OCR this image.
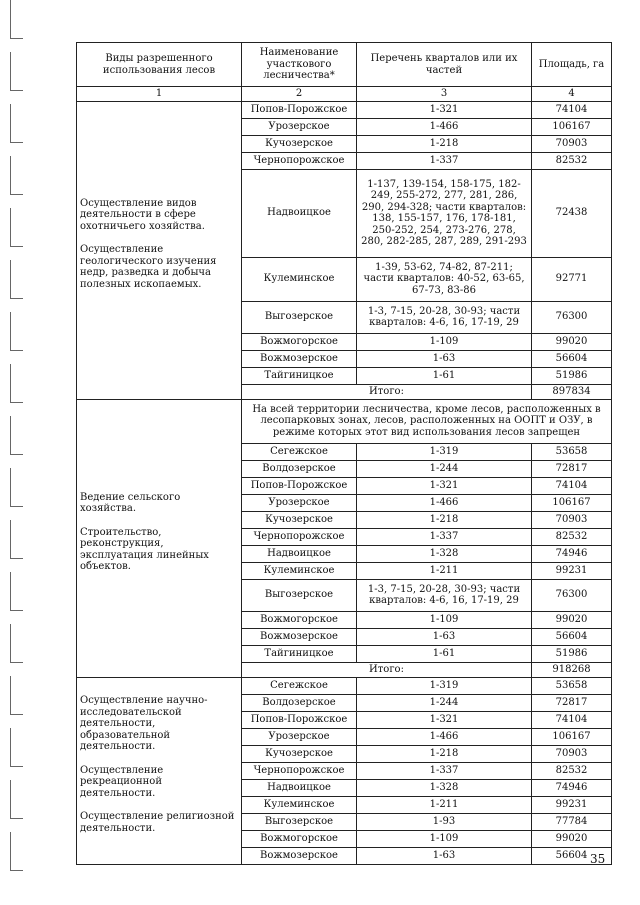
Виды разрешенного использования лесов	Наименование участкового лесничества*	Перечень кварталов или их частей	Площадь, га
1	2	3	4

Осуществление видов деятельности в сфере охотничьего хозяйства.
Осуществление геологического изучения недр, разведка и добыча полезных ископаемых.	Попов-Порожское	1-321	74104
	Урозерское	1-466	106167
	Кучозерское	1-218	70903
	Чернопорожское	1-337	82532
	Надвоицкое	1-137, 139-154, 158-175, 182-249, 255-272, 277, 281, 286, 290, 294-328; части кварталов: 138, 155-157, 176, 178-181, 250-252, 254, 273-276, 278, 280, 282-285, 287, 289, 291-293	72438
	Кулеминское	1-39, 53-62, 74-82, 87-211; части кварталов: 40-52, 63-65, 67-73, 83-86	92771
	Выгозерское	1-3, 7-15, 20-28, 30-93; части кварталов: 4-6, 16, 17-19, 29	76300
	Вожмогорское	1-109	99020
	Вожмозерское	1-63	56604
	Тайгиницкое	1-61	51986
	Итого:		897834

Ведение сельского хозяйства.
Строительство, реконструкция, эксплуатация линейных объектов.	На всей территории лесничества, кроме лесов, расположенных в лесопарковых зонах, лесов, расположенных на ООПТ и ОЗУ, в режиме которых этот вид использования лесов запрещен		
	Сегежское	1-319	53658
	Волдозерское	1-244	72817
	Попов-Порожское	1-321	74104
	Урозерское	1-466	106167
	Кучозерское	1-218	70903
	Чернопорожское	1-337	82532
	Надвоицкое	1-328	74946
	Кулеминское	1-211	99231
	Выгозерское	1-3, 7-15, 20-28, 30-93; части кварталов: 4-6, 16, 17-19, 29	76300
	Вожмогорское	1-109	99020
	Вожмозерское	1-63	56604
	Тайгиницкое	1-61	51986
	Итого:		918268

Осуществление научно-исследовательской деятельности, образовательной деятельности.
Осуществление рекреационной деятельности.
Осуществление религиозной деятельности.	Сегежское	1-319	53658
	Волдозерское	1-244	72817
	Попов-Порожское	1-321	74104
	Урозерское	1-466	106167
	Кучозерское	1-218	70903
	Чернопорожское	1-337	82532
	Надвоицкое	1-328	74946
	Кулеминское	1-211	99231
	Выгозерское	1-93	77784
	Вожмогорское	1-109	99020
	Вожмозерское	1-63	56604 35
